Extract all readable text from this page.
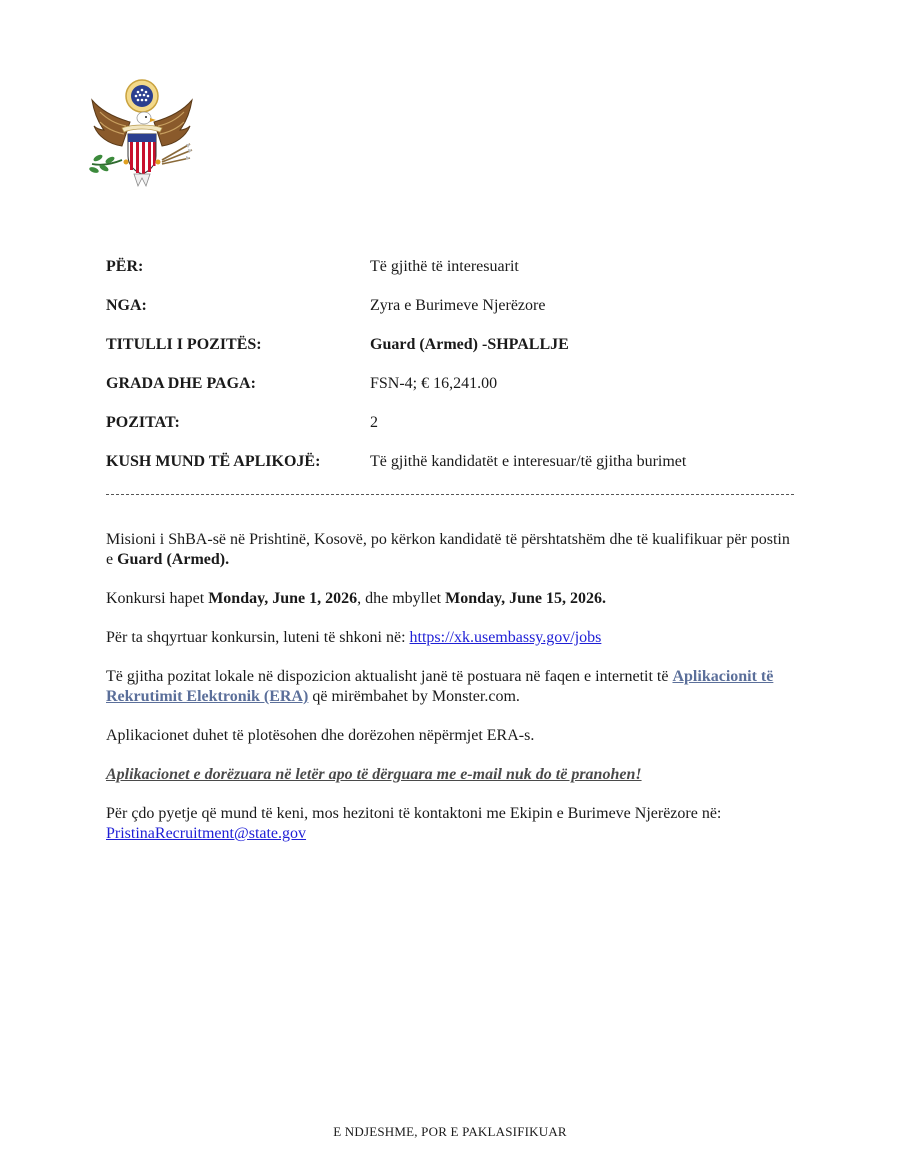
PËR:	Të gjithë të interesuarit
NGA:	Zyra e Burimeve Njerëzore
TITULLI I POZITËS:	Guard (Armed) -SHPALLJE
GRADA DHE PAGA:	FSN-4; € 16,241.00
POZITAT:	2
KUSH MUND TË APLIKOJË:	Të gjithë kandidatët e interesuar/të gjitha burimet

Misioni i ShBA-së në Prishtinë, Kosovë, po kërkon kandidatë të përshtatshëm dhe të kualifikuar për postin e Guard (Armed).

Konkursi hapet Monday, June 1, 2026, dhe mbyllet Monday, June 15, 2026.

Për ta shqyrtuar konkursin, luteni të shkoni në: https://xk.usembassy.gov/jobs

Të gjitha pozitat lokale në dispozicion aktualisht janë të postuara në faqen e internetit të Aplikacionit të Rekrutimit Elektronik (ERA) që mirëmbahet by Monster.com.

Aplikacionet duhet të plotësohen dhe dorëzohen nëpërmjet ERA-s.

Aplikacionet e dorëzuara në letër apo të dërguara me e-mail nuk do të pranohen!

Për çdo pyetje që mund të keni, mos hezitoni të kontaktoni me Ekipin e Burimeve Njerëzore në: PristinaRecruitment@state.gov

E NDJESHME, POR E PAKLASIFIKUAR
